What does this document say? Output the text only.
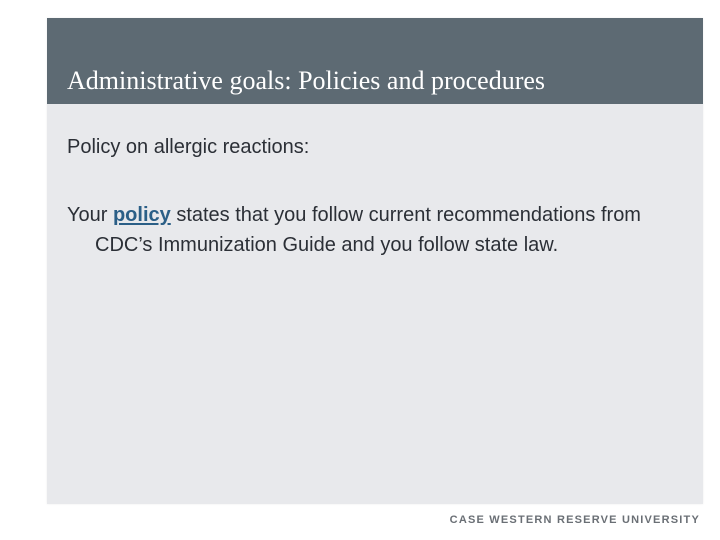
Administrative goals: Policies and procedures

Policy on allergic reactions:

Your policy states that you follow current recommendations from CDC’s Immunization Guide and you follow state law.

CASE WESTERN RESERVE UNIVERSITY
